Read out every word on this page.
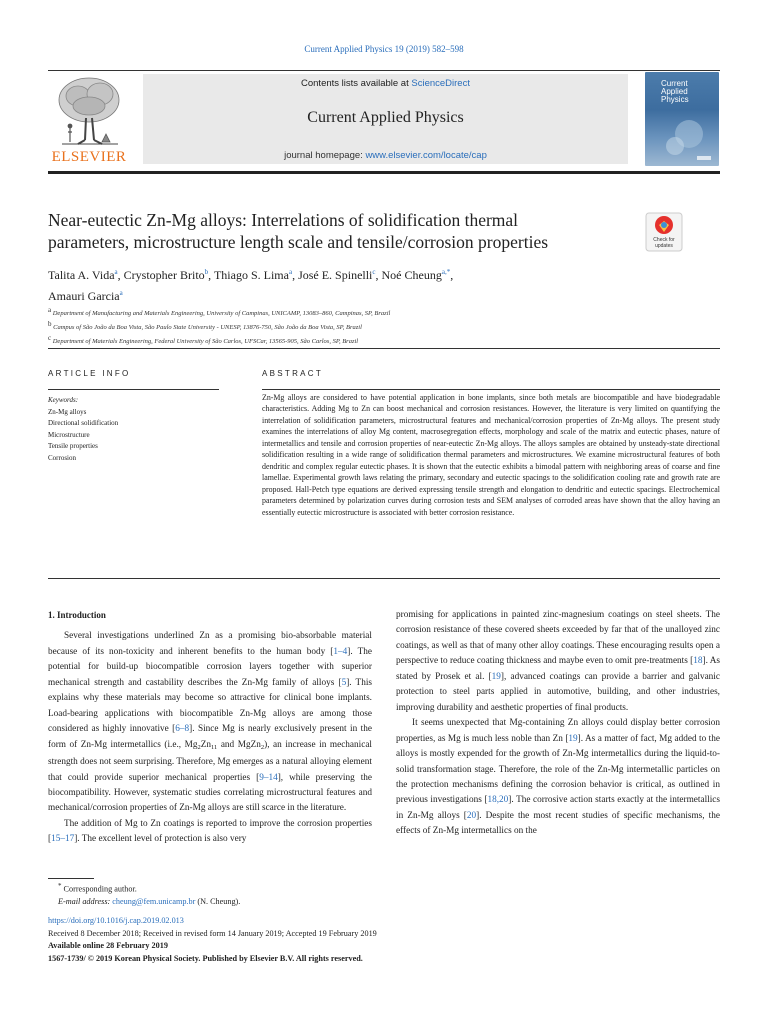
Current Applied Physics 19 (2019) 582–598
ELSEVIER
Contents lists available at ScienceDirect
Current Applied Physics
journal homepage: www.elsevier.com/locate/cap
Current
Applied
Physics
Near-eutectic Zn-Mg alloys: Interrelations of solidification thermal
parameters, microstructure length scale and tensile/corrosion properties	Check for
updates
Talita A. Vida$^a$, Crystopher Brito$^b$, Thiago S. Lima$^a$, José E. Spinelli$^c$, Noé Cheung$^{a,*}$,
Amauri Garcia$^a$
$^a$ Department of Manufacturing and Materials Engineering, University of Campinas, UNICAMP, 13083–860, Campinas, SP, Brazil
$^b$ Campus of São João da Boa Vista, São Paulo State University - UNESP, 13876-750, São João da Boa Vista, SP, Brazil
$^c$ Department of Materials Engineering, Federal University of São Carlos, UFSCar, 13565-905, São Carlos, SP, Brazil
ARTICLE INFO	ABSTRACT
Keywords:
Zn-Mg alloys
Directional solidification
Microstructure
Tensile properties
Corrosion
Zn-Mg alloys are considered to have potential application in bone implants, since both metals are biocompatible and have biodegradable characteristics. Adding Mg to Zn can boost mechanical and corrosion resistances. However, the literature is very limited on quantifying the interrelation of solidification parameters, microstructural features and mechanical/corrosion properties of Zn-Mg alloys. The present study examines the interrelations of alloy Mg content, macrosegregation effects, morphology and scale of the matrix and eutectic phases, nature of intermetallics and tensile and corrosion properties of near-eutectic Zn-Mg alloys. The alloys samples are obtained by unsteady-state directional solidification resulting in a wide range of solidification thermal parameters and microstructures. We examine microstructural features of both dendritic and complex regular eutectic phases. It is shown that the eutectic exhibits a bimodal pattern with neighboring areas of coarse and fine lamellae. Experimental growth laws relating the primary, secondary and eutectic spacings to the solidification cooling rate and growth rate are proposed. Hall-Petch type equations are derived expressing tensile strength and elongation to dendritic and eutectic spacings. Electrochemical parameters determined by polarization curves during corrosion tests and SEM analyses of corroded areas have shown that the alloy having an essentially eutectic microstructure is associated with better corrosion resistance.
1. Introduction
Several investigations underlined Zn as a promising bio-absorbable material because of its non-toxicity and inherent benefits to the human body [1–4]. The potential for build-up biocompatible corrosion layers together with superior mechanical strength and castability describes the Zn-Mg family of alloys [5]. This explains why these materials may become so attractive for clinical bone implants. Load-bearing applications with biocompatible Zn-Mg alloys are among those considered as highly innovative [6–8]. Since Mg is nearly exclusively present in the form of Zn-Mg intermetallics (i.e., $Mg_2Zn_{11}$ and MgZn$_2$), an increase in mechanical strength does not seem surprising. Therefore, Mg emerges as a natural alloying element that could provide superior mechanical properties [9–14], while preserving the biocompatibility. However, systematic studies correlating microstructural features and mechanical/corrosion properties of Zn-Mg alloys are still scarce in the literature.
The addition of Mg to Zn coatings is reported to improve the corrosion properties [15–17]. The excellent level of protection is also very
promising for applications in painted zinc-magnesium coatings on steel sheets. The corrosion resistance of these covered sheets exceeded by far that of the unalloyed zinc coatings, as well as that of many other alloy coatings. These encouraging results open a perspective to reduce coating thickness and maybe even to omit pre-treatments [18]. As stated by Prosek et al. [19], advanced coatings can provide a barrier and galvanic protection to steel parts applied in automotive, building, and other industries, improving durability and aesthetic properties of final products.
It seems unexpected that Mg-containing Zn alloys could display better corrosion properties, as Mg is much less noble than Zn [19]. As a matter of fact, Mg added to the alloys is mostly expended for the growth of Zn-Mg intermetallics during the liquid-to-solid transformation stage. Therefore, the role of the Zn-Mg intermetallic particles on the protection mechanisms defining the corrosion behavior is critical, as outlined in previous investigations [18,20]. The corrosive action starts exactly at the intermetallics in Zn-Mg alloys [20]. Despite the most recent studies of specific mechanisms, the effects of Zn-Mg intermetallics on the
* Corresponding author.
E-mail address: cheung@fem.unicamp.br (N. Cheung).
https://doi.org/10.1016/j.cap.2019.02.013
Received 8 December 2018; Received in revised form 14 January 2019; Accepted 19 February 2019
Available online 28 February 2019
1567-1739/ © 2019 Korean Physical Society. Published by Elsevier B.V. All rights reserved.
